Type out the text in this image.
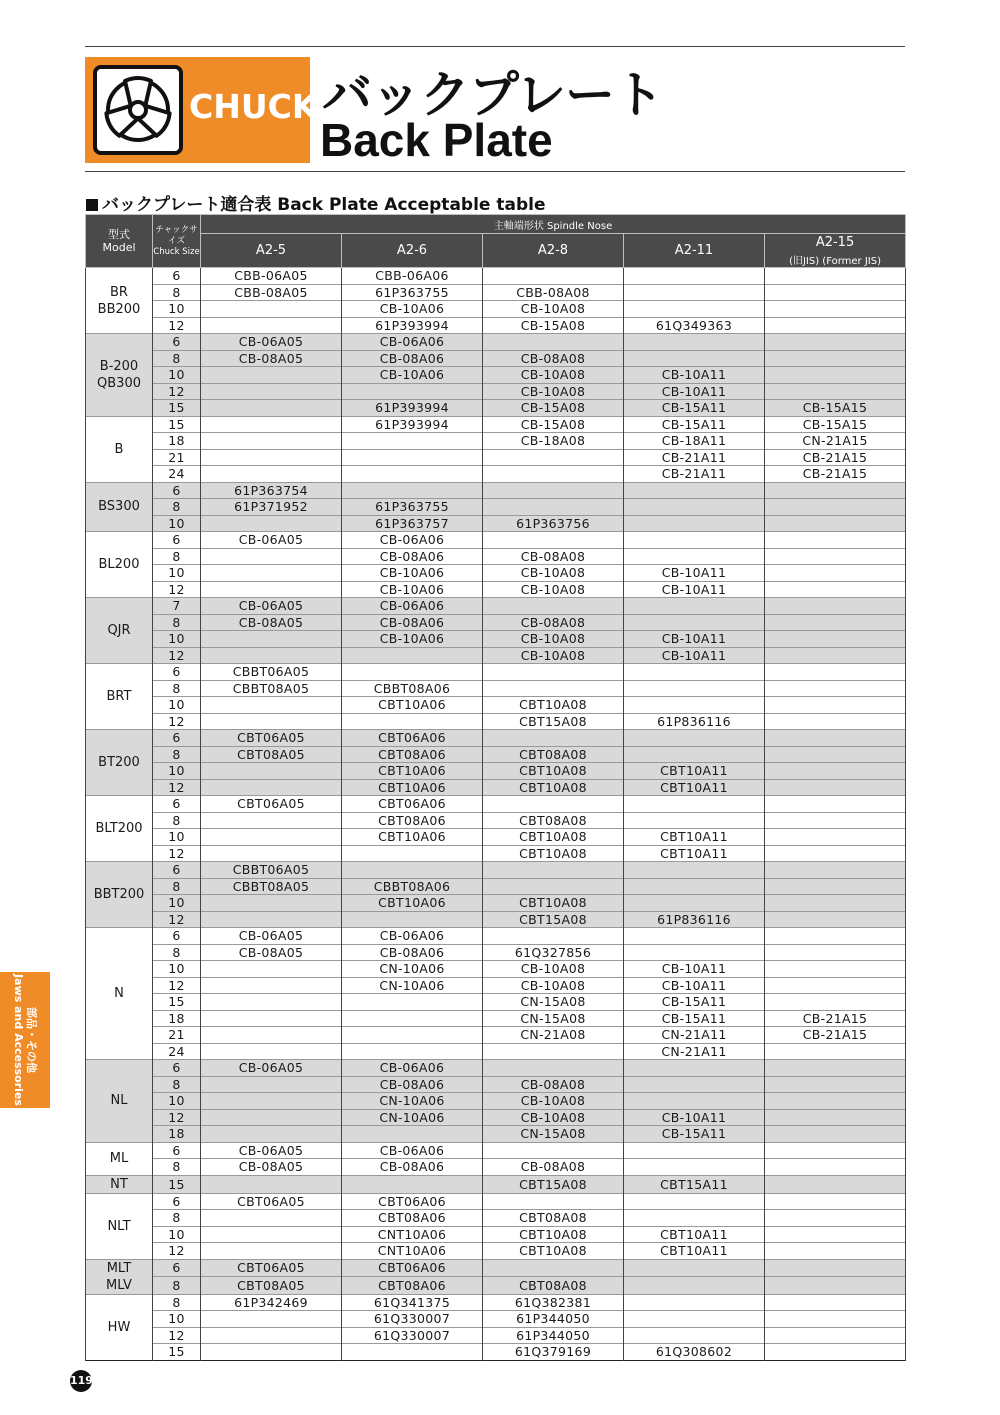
CHUCK バックプレート
Back Plate
バックプレート適合表 Back Plate Acceptable table
型式
Model	チャックサイズ
Chuck Size	主軸端形状 Spindle Nose				
		A2-5	A2-6	A2-8	A2-11	A2-15
(旧JIS) (Former JIS)

BR
BB200	6	CBB-06A05	CBB-06A06			
	8	CBB-08A05	61P363755	CBB-08A08		
	10		CB-10A06	CB-10A08		
	12		61P393994	CB-15A08	61Q349363	
B-200
QB300	6	CB-06A05	CB-06A06			
	8	CB-08A05	CB-08A06	CB-08A08		
	10		CB-10A06	CB-10A08	CB-10A11	
	12			CB-10A08	CB-10A11	
	15		61P393994	CB-15A08	CB-15A11	CB-15A15
B	15		61P393994	CB-15A08	CB-15A11	CB-15A15
	18			CB-18A08	CB-18A11	CN-21A15
	21				CB-21A11	CB-21A15
	24				CB-21A11	CB-21A15
BS300	6	61P363754				
	8	61P371952	61P363755			
	10		61P363757	61P363756		
BL200	6	CB-06A05	CB-06A06			
	8		CB-08A06	CB-08A08		
	10		CB-10A06	CB-10A08	CB-10A11	
	12		CB-10A06	CB-10A08	CB-10A11	
QJR	7	CB-06A05	CB-06A06			
	8	CB-08A05	CB-08A06	CB-08A08		
	10		CB-10A06	CB-10A08	CB-10A11	
	12			CB-10A08	CB-10A11	
BRT	6	CBBT06A05				
	8	CBBT08A05	CBBT08A06			
	10		CBT10A06	CBT10A08		
	12			CBT15A08	61P836116	
BT200	6	CBT06A05	CBT06A06			
	8	CBT08A05	CBT08A06	CBT08A08		
	10		CBT10A06	CBT10A08	CBT10A11	
	12		CBT10A06	CBT10A08	CBT10A11	
BLT200	6	CBT06A05	CBT06A06			
	8		CBT08A06	CBT08A08		
	10		CBT10A06	CBT10A08	CBT10A11	
	12			CBT10A08	CBT10A11	
BBT200	6	CBBT06A05				
	8	CBBT08A05	CBBT08A06			
	10		CBT10A06	CBT10A08		
	12			CBT15A08	61P836116	
N	6	CB-06A05	CB-06A06			
	8	CB-08A05	CB-08A06	61Q327856		
	10		CN-10A06	CB-10A08	CB-10A11	
	12		CN-10A06	CB-10A08	CB-10A11	
	15			CN-15A08	CB-15A11	
	18			CN-15A08	CB-15A11	CB-21A15
	21			CN-21A08	CN-21A11	CB-21A15
	24				CN-21A11	
NL	6	CB-06A05	CB-06A06			
	8		CB-08A06	CB-08A08		
	10		CN-10A06	CB-10A08		
	12		CN-10A06	CB-10A08	CB-10A11	
	18			CN-15A08	CB-15A11	
ML	6	CB-06A05	CB-06A06			
	8	CB-08A05	CB-08A06	CB-08A08		
NT	15			CBT15A08	CBT15A11	
NLT	6	CBT06A05	CBT06A06			
	8		CBT08A06	CBT08A08		
	10		CNT10A06	CBT10A08	CBT10A11	
	12		CNT10A06	CBT10A08	CBT10A11	
MLT
MLV	6	CBT06A05	CBT06A06			
	8	CBT08A05	CBT08A06	CBT08A08		
HW	8	61P342469	61Q341375	61Q382381		
	10		61Q330007	61P344050		
	12		61Q330007	61P344050		
	15			61Q379169	61Q308602	
部品・その他
Jaws and Accessories
119
